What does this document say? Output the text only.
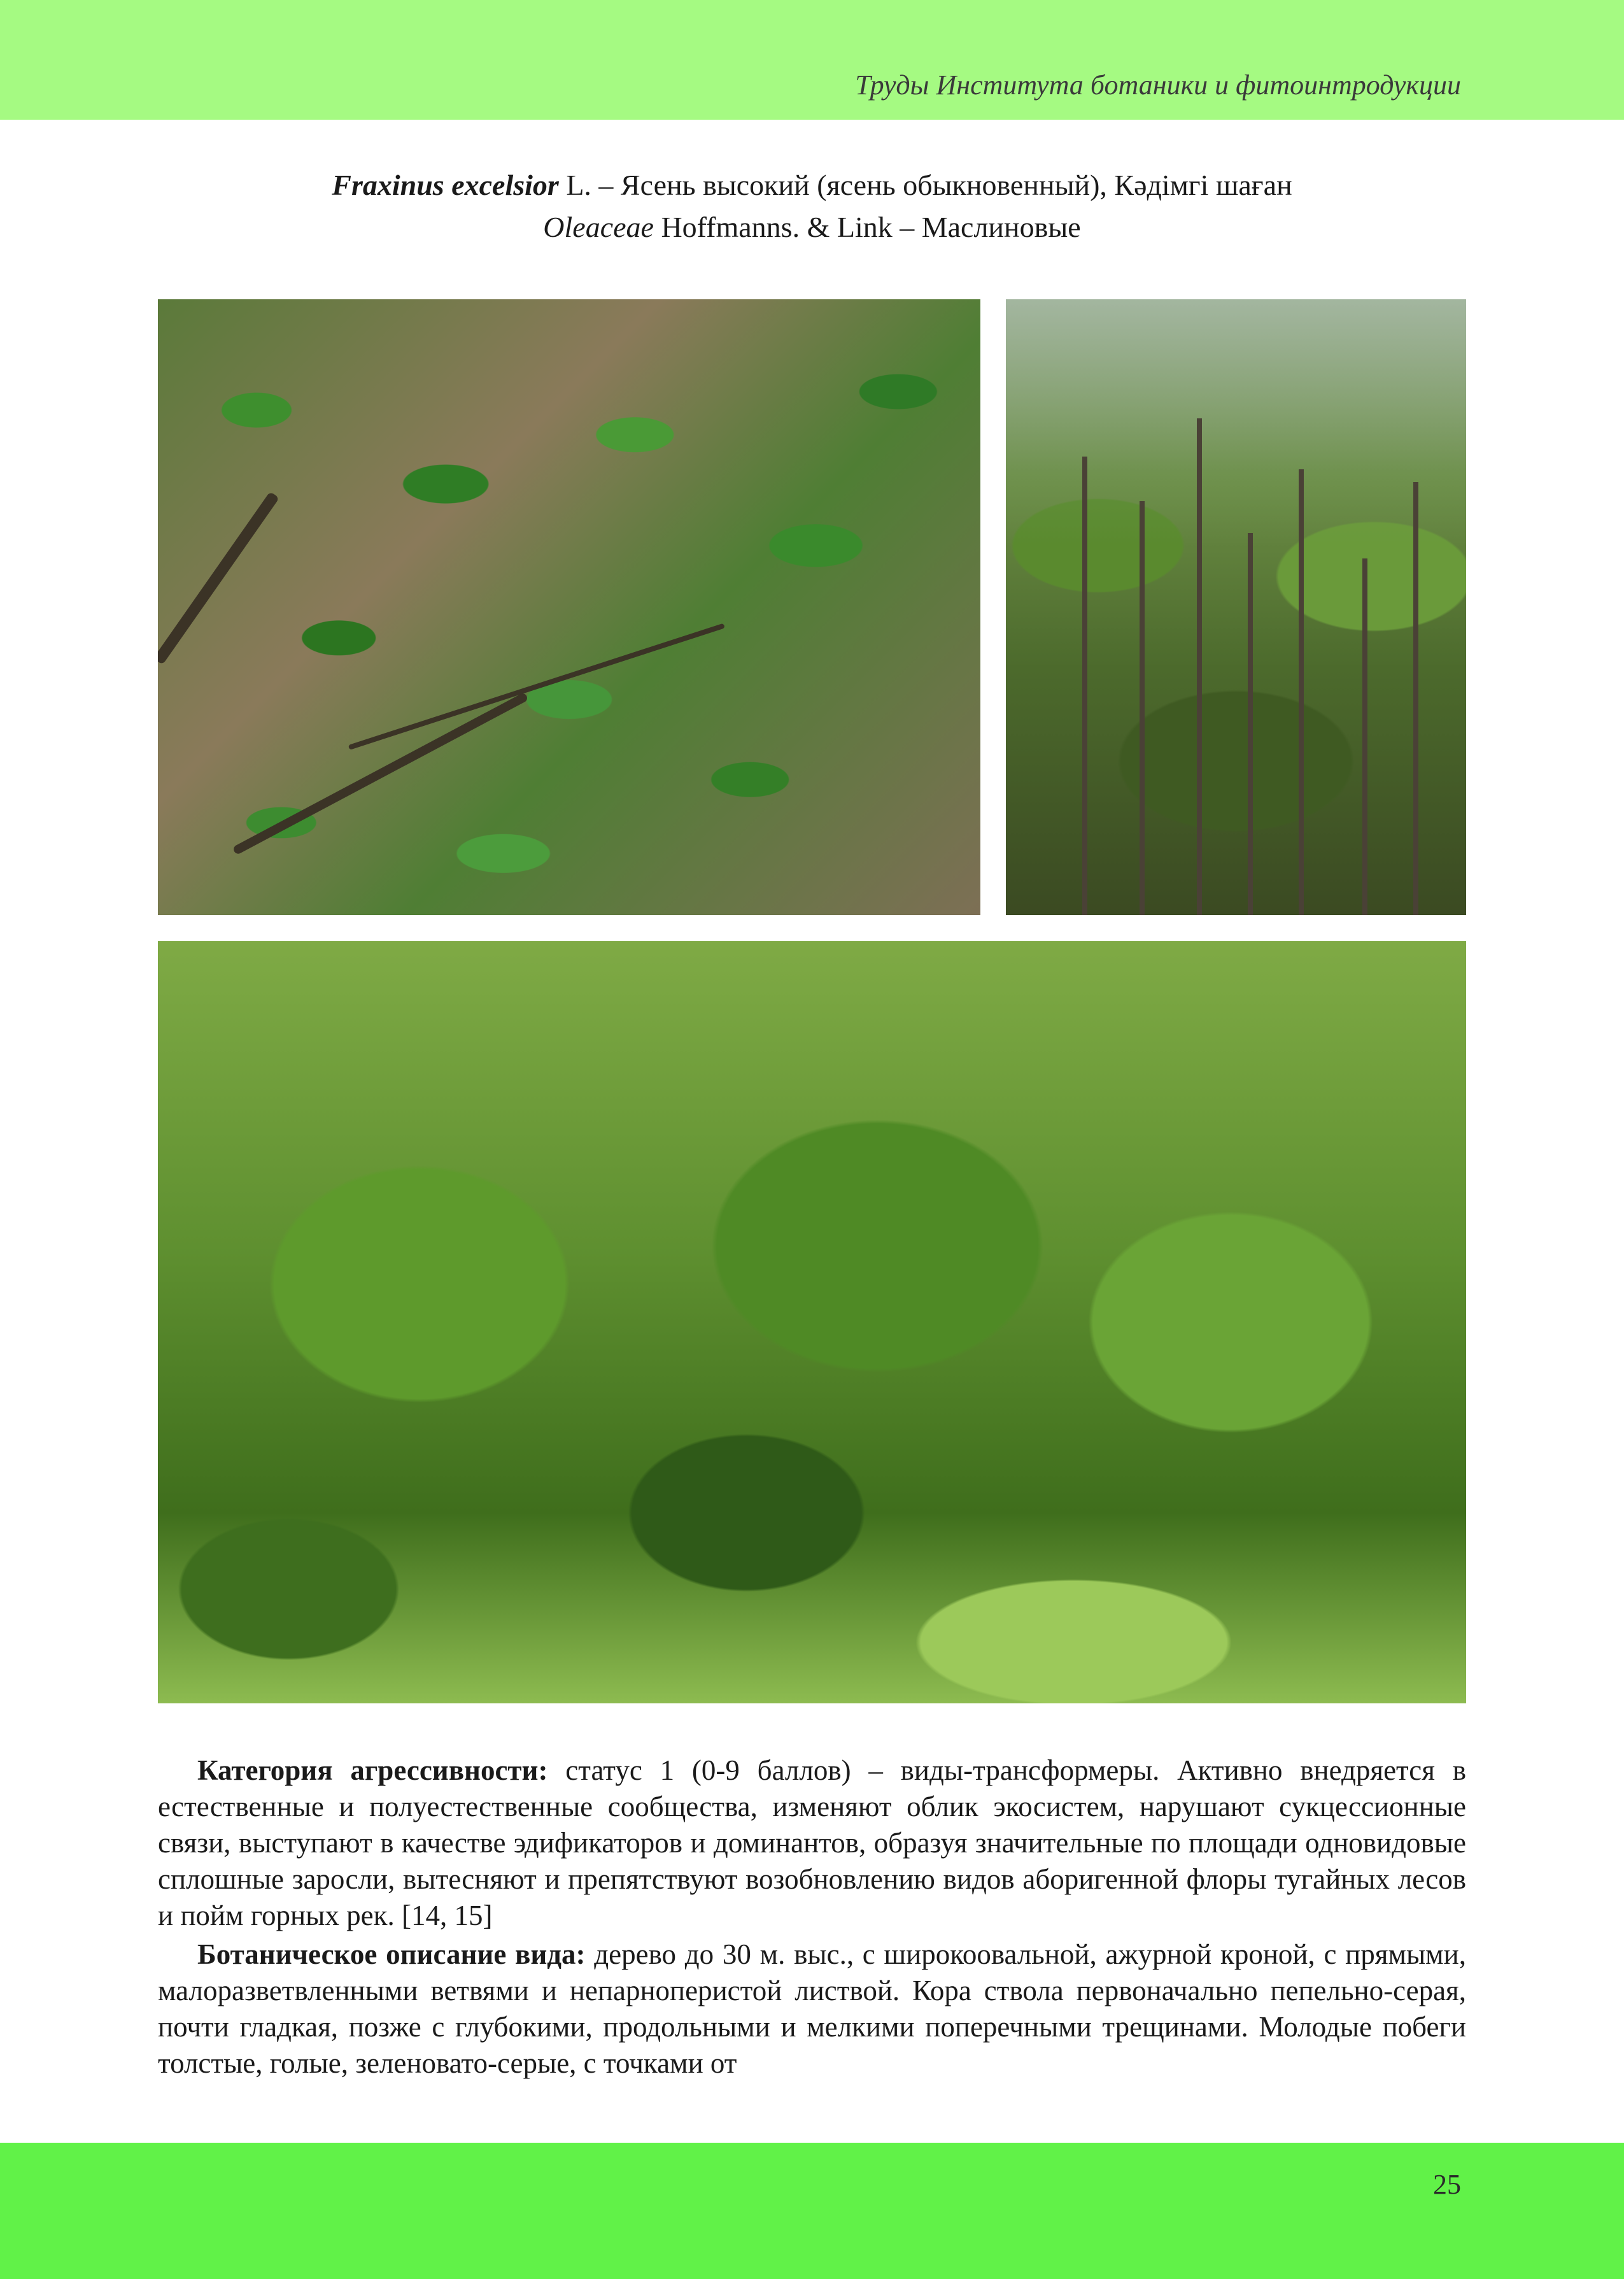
Труды Института ботаники и фитоинтродукции
Fraxinus excelsior L. – Ясень высокий (ясень обыкновенный), Кәдімгі шаған
Oleaceae Hoffmanns. & Link – Маслиновые

Категория агрессивности: статус 1 (0-9 баллов) – виды-трансформеры. Активно внедряется в естественные и полуестественные сообщества, изменяют облик экосистем, нарушают сукцессионные связи, выступают в качестве эдификаторов и доминантов, образуя значительные по площади одновидовые сплошные заросли, вытесняют и препятствуют возобновлению видов аборигенной флоры тугайных лесов и пойм горных рек. [14, 15]

Ботаническое описание вида: дерево до 30 м. выс., с широкоовальной, ажурной кроной, с прямыми, малоразветвленными ветвями и непарноперистой листвой. Кора ствола первоначально пепельно-серая, почти гладкая, позже с глубокими, продольными и мелкими поперечными трещинами. Молодые побеги толстые, голые, зеленовато-серые, с точками от

25
